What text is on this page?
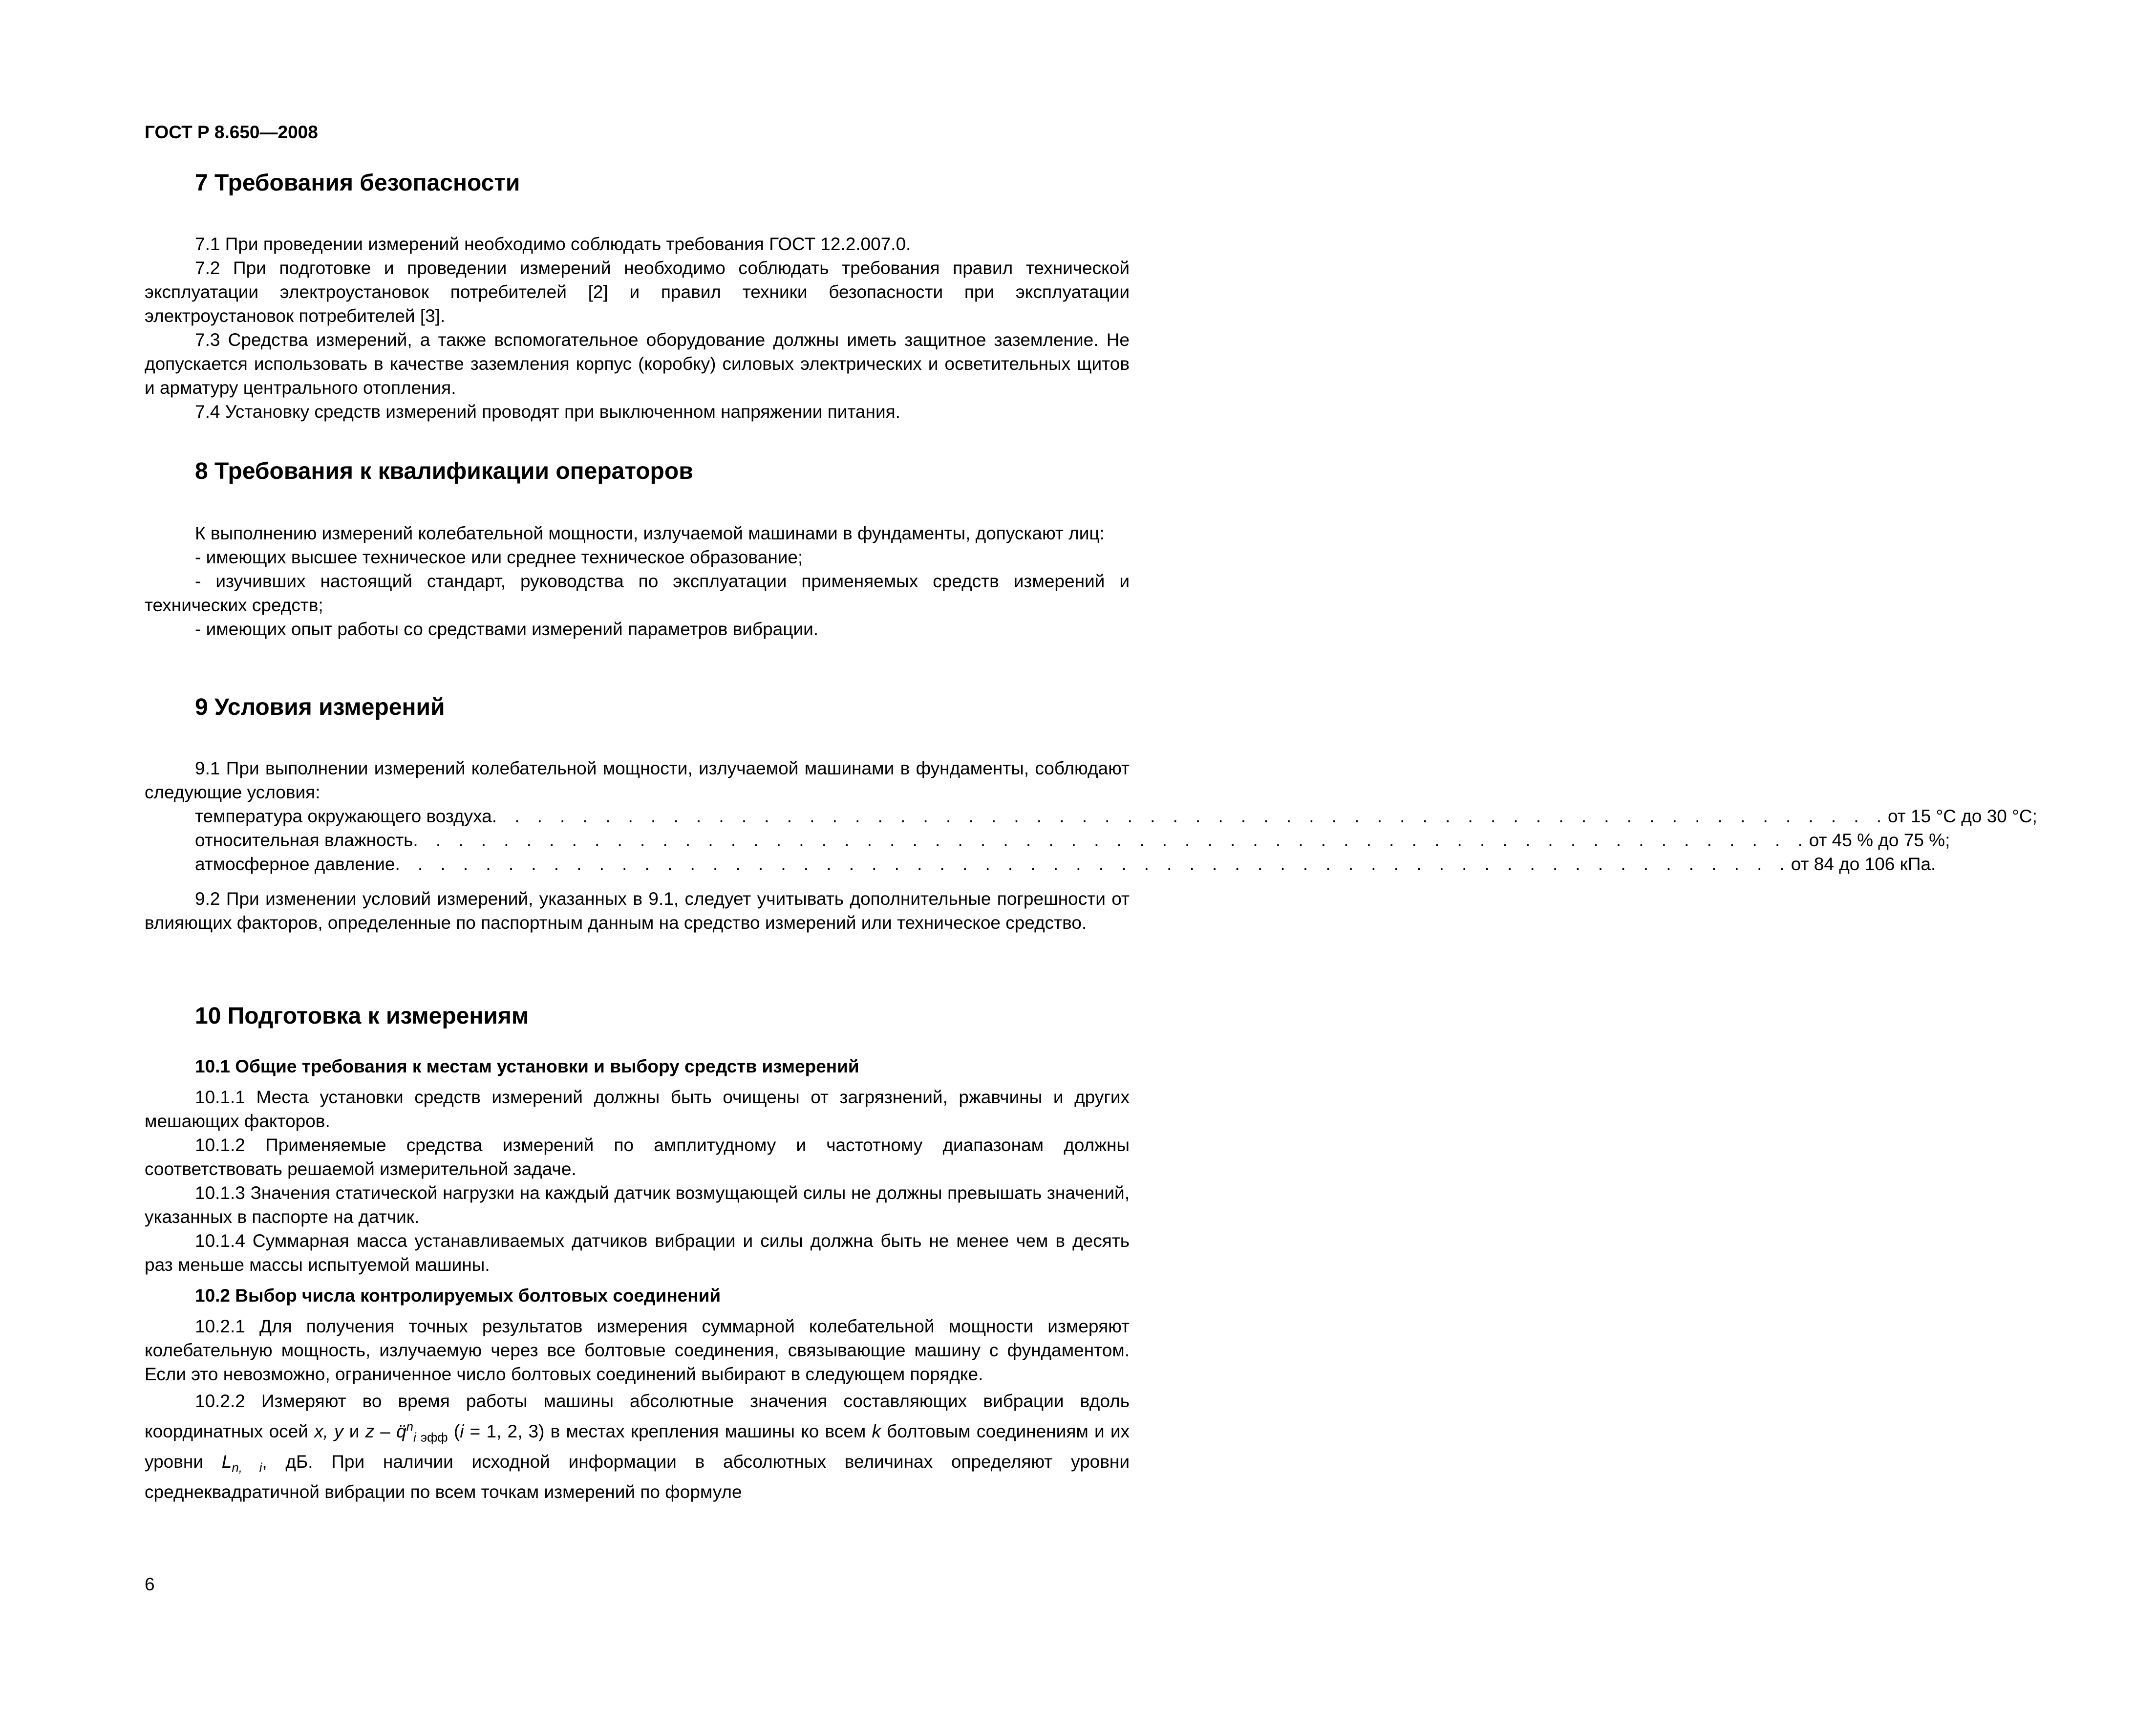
ГОСТ Р 8.650—2008
7 Требования безопасности

7.1 При проведении измерений необходимо соблюдать требования ГОСТ 12.2.007.0.

7.2 При подготовке и проведении измерений необходимо соблюдать требования правил технической эксплуатации электроустановок потребителей [2] и правил техники безопасности при эксплуатации электроустановок потребителей [3].

7.3 Средства измерений, а также вспомогательное оборудование должны иметь защитное заземление. Не допускается использовать в качестве заземления корпус (коробку) силовых электрических и осветительных щитов и арматуру центрального отопления.

7.4 Установку средств измерений проводят при выключенном напряжении питания.

8 Требования к квалификации операторов

К выполнению измерений колебательной мощности, излучаемой машинами в фундаменты, допускают лиц:

- имеющих высшее техническое или среднее техническое образование;

- изучивших настоящий стандарт, руководства по эксплуатации применяемых средств измерений и технических средств;

- имеющих опыт работы со средствами измерений параметров вибрации.

9 Условия измерений

9.1 При выполнении измерений колебательной мощности, излучаемой машинами в фундаменты, соблюдают следующие условия:

температура окружающего воздуха . . . . . . . . . . . . . . . . . . . . . . . . . . . . . . . . . . . . . . . . . . . . . . . . . . . . . . . . . . . . . . от 15 °С до 30 °С;
относительная влажность . . . . . . . . . . . . . . . . . . . . . . . . . . . . . . . . . . . . . . . . . . . . . . . . . . . . . . . . . . . . . . от 45 % до 75 %;
атмосферное давление . . . . . . . . . . . . . . . . . . . . . . . . . . . . . . . . . . . . . . . . . . . . . . . . . . . . . . . . . . . . . . от 84 до 106 кПа.

9.2 При изменении условий измерений, указанных в 9.1, следует учитывать дополнительные погрешности от влияющих факторов, определенные по паспортным данным на средство измерений или техническое средство.

10 Подготовка к измерениям
10.1 Общие требования к местам установки и выбору средств измерений

10.1.1 Места установки средств измерений должны быть очищены от загрязнений, ржавчины и других мешающих факторов.

10.1.2 Применяемые средства измерений по амплитудному и частотному диапазонам должны соответствовать решаемой измерительной задаче.

10.1.3 Значения статической нагрузки на каждый датчик возмущающей силы не должны превышать значений, указанных в паспорте на датчик.

10.1.4 Суммарная масса устанавливаемых датчиков вибрации и силы должна быть не менее чем в десять раз меньше массы испытуемой машины.

10.2 Выбор числа контролируемых болтовых соединений

10.2.1 Для получения точных результатов измерения суммарной колебательной мощности измеряют колебательную мощность, излучаемую через все болтовые соединения, связывающие машину с фундаментом. Если это невозможно, ограниченное число болтовых соединений выбирают в следующем порядке.

10.2.2 Измеряют во время работы машины абсолютные значения составляющих вибрации вдоль координатных осей x, y и z – q̈$^n_{i эфф}$ (i = 1, 2, 3) в местах крепления машины ко всем k болтовым соединениям и их уровни $L_{n, i}$, дБ. При наличии исходной информации в абсолютных величинах определяют уровни среднеквадратичной вибрации по всем точкам измерений по формуле

6
